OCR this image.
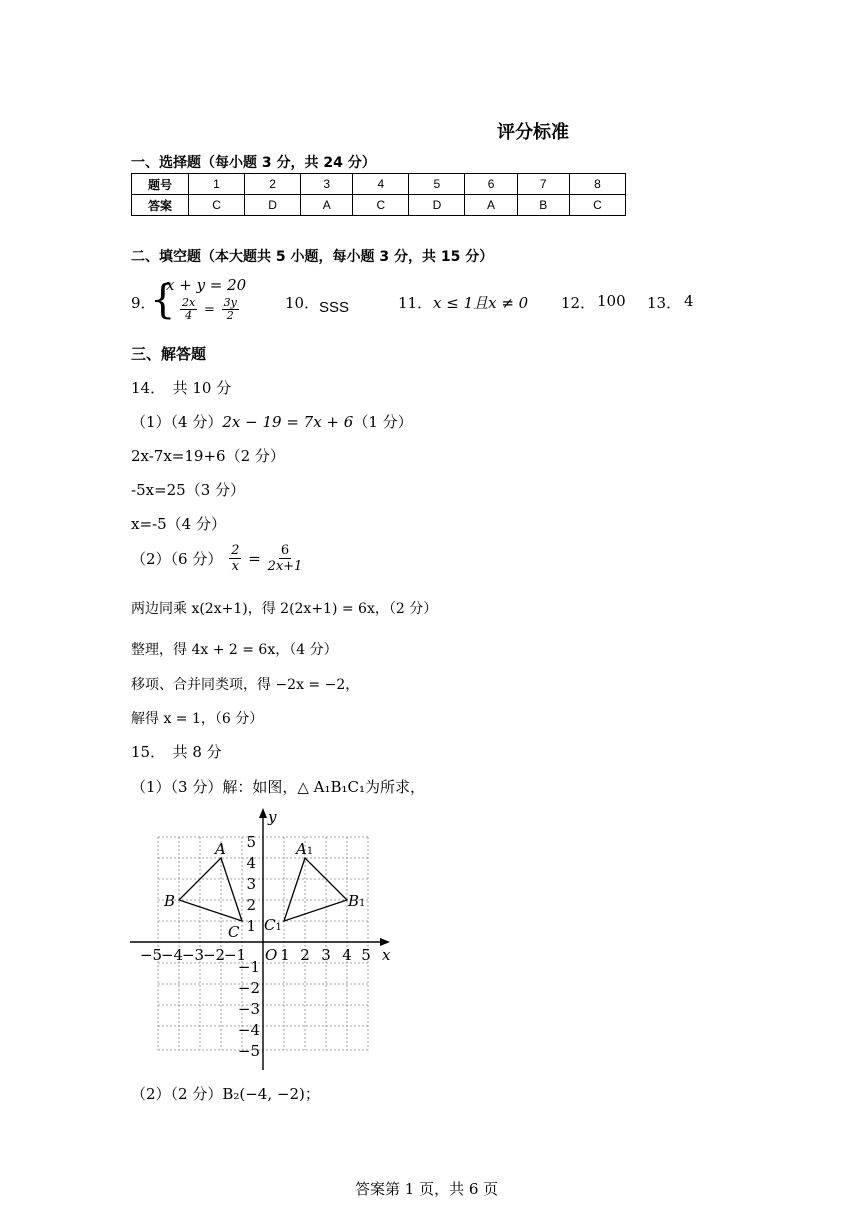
评分标准
一、选择题（每小题 3 分，共 24 分）
题号	1	2	3	4	5	6	7	8
答案	C	D	A	C	D	A	B	C
二、填空题（本大题共 5 小题，每小题 3 分，共 15 分）
9．
{
x + y = 20
$\frac{2x}{4} = \frac{3y}{2}$	10． SSS	11． x ≤ 1且x ≠ 0 12． 100 13． 4
三、解答题
14．　共 10 分
（1）（4 分）2x − 19 = 7x + 6（1 分）
2x-7x=19+6（2 分）
-5x=25（3 分）
x=-5（4 分）
（2）（6 分） $\frac{2}{x} = \frac{6}{2x+1}$
两边同乘 x(2x+1)，得 2(2x+1) = 6x，（2 分）
整理，得 4x + 2 = 6x，（4 分）
移项、合并同类项，得 −2x = −2，
解得 x = 1，（6 分）
15．　共 8 分
（1）（3 分）解：如图，△ A₁B₁C₁为所求，
x
y
O
−5
−4
−3
−2
−1 1 2 3 4 5
5
4
3
2
1
−1
−2
−3
−4
−5
A
B
C
A1
B1
C1
（2）（2 分）B₂(−4, −2)；
答案第 1 页，共 6 页
